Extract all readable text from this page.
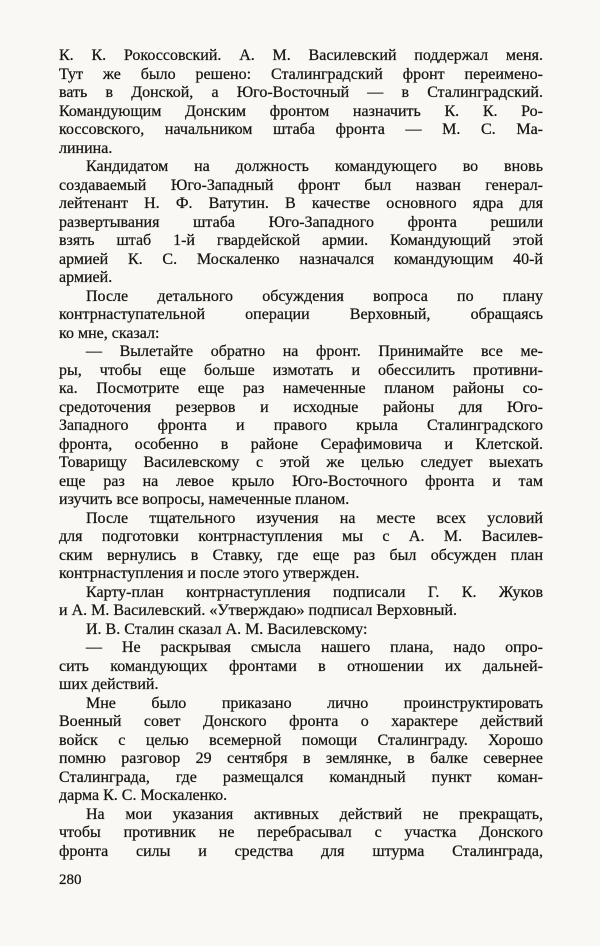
К. К. Рокоссовский. А. М. Василевский поддержал меня.
Тут же было решено: Сталинградский фронт переимено-
вать в Донской, а Юго-Восточный — в Сталинградский.
Командующим Донским фронтом назначить К. К. Ро-
коссовского, начальником штаба фронта — М. С. Ма-
линина.
Кандидатом на должность командующего во вновь
создаваемый Юго-Западный фронт был назван генерал-
лейтенант Н. Ф. Ватутин. В качестве основного ядра для
развертывания штаба Юго-Западного фронта решили
взять штаб 1-й гвардейской армии. Командующий этой
армией К. С. Москаленко назначался командующим 40-й
армией.
После детального обсуждения вопроса по плану
контрнаступательной операции Верховный, обращаясь
ко мне, сказал:
— Вылетайте обратно на фронт. Принимайте все ме-
ры, чтобы еще больше измотать и обессилить противни-
ка. Посмотрите еще раз намеченные планом районы со-
средоточения резервов и исходные районы для Юго-
Западного фронта и правого крыла Сталинградского
фронта, особенно в районе Серафимовича и Клетской.
Товарищу Василевскому с этой же целью следует выехать
еще раз на левое крыло Юго-Восточного фронта и там
изучить все вопросы, намеченные планом.
После тщательного изучения на месте всех условий
для подготовки контрнаступления мы с А. М. Василев-
ским вернулись в Ставку, где еще раз был обсужден план
контрнаступления и после этого утвержден.
Карту-план контрнаступления подписали Г. К. Жуков
и А. М. Василевский. «Утверждаю» подписал Верховный.
И. В. Сталин сказал А. М. Василевскому:
— Не раскрывая смысла нашего плана, надо опро-
сить командующих фронтами в отношении их дальней-
ших действий.
Мне было приказано лично проинструктировать
Военный совет Донского фронта о характере действий
войск с целью всемерной помощи Сталинграду. Хорошо
помню разговор 29 сентября в землянке, в балке севернее
Сталинграда, где размещался командный пункт коман-
дарма К. С. Москаленко.
На мои указания активных действий не прекращать,
чтобы противник не перебрасывал с участка Донского
фронта силы и средства для штурма Сталинграда,
280
